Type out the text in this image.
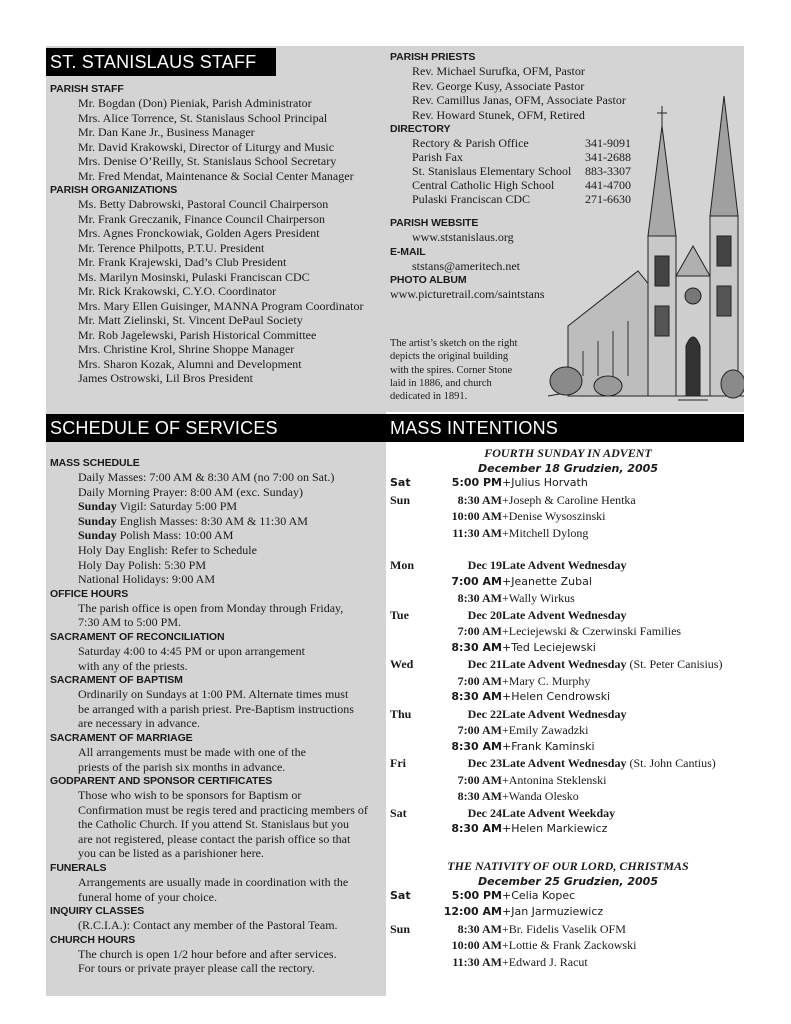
ST. STANISLAUS STAFF
SCHEDULE OF SERVICES	MASS INTENTIONS
PARISH STAFF
Mr. Bogdan (Don) Pieniak, Parish Administrator
Mrs. Alice Torrence, St. Stanislaus School Principal
Mr. Dan Kane Jr., Business Manager
Mr. David Krakowski, Director of Liturgy and Music
Mrs. Denise O’Reilly, St. Stanislaus School Secretary
Mr. Fred Mendat, Maintenance & Social Center Manager
PARISH ORGANIZATIONS
Ms. Betty Dabrowski, Pastoral Council Chairperson
Mr. Frank Greczanik, Finance Council Chairperson
Mrs. Agnes Fronckowiak, Golden Agers President
Mr. Terence Philpotts, P.T.U. President
Mr. Frank Krajewski, Dad’s Club President
Ms. Marilyn Mosinski, Pulaski Franciscan CDC
Mr. Rick Krakowski, C.Y.O. Coordinator
Mrs. Mary Ellen Guisinger, MANNA Program Coordinator
Mr. Matt Zielinski, St. Vincent DePaul Society
Mr. Rob Jagelewski, Parish Historical Committee
Mrs. Christine Krol, Shrine Shoppe Manager
Mrs. Sharon Kozak, Alumni and Development
James Ostrowski, Lil Bros President
PARISH PRIESTS
Rev. Michael Surufka, OFM, Pastor
Rev. George Kusy, Associate Pastor
Rev. Camillus Janas, OFM, Associate Pastor
Rev. Howard Stunek, OFM, Retired
DIRECTORY
Rectory & Parish Office	341-9091
Parish Fax	341-2688
St. Stanislaus Elementary School	883-3307
Central Catholic High School	441-4700
Pulaski Franciscan CDC	271-6630
PARISH WEBSITE
www.ststanislaus.org
E-MAIL
ststans@ameritech.net
PHOTO ALBUM
www.picturetrail.com/saintstans
The artist’s sketch on the right
depicts the original building
with the spires. Corner Stone
laid in 1886, and church
dedicated in 1891.
MASS SCHEDULE
Daily Masses: 7:00 AM & 8:30 AM (no 7:00 on Sat.)
Daily Morning Prayer: 8:00 AM (exc. Sunday)
Sunday Vigil: Saturday 5:00 PM
Sunday English Masses: 8:30 AM & 11:30 AM
Sunday Polish Mass: 10:00 AM
Holy Day English: Refer to Schedule
Holy Day Polish: 5:30 PM
National Holidays: 9:00 AM
OFFICE HOURS
The parish office is open from Monday through Friday,
7:30 AM to 5:00 PM.
SACRAMENT OF RECONCILIATION
Saturday 4:00 to 4:45 PM or upon arrangement
with any of the priests.
SACRAMENT OF BAPTISM
Ordinarily on Sundays at 1:00 PM. Alternate times must
be arranged with a parish priest. Pre-Baptism instructions
are necessary in advance.
SACRAMENT OF MARRIAGE
All arrangements must be made with one of the
priests of the parish six months in advance.
GODPARENT AND SPONSOR CERTIFICATES
Those who wish to be sponsors for Baptism or
Confirmation must be regis tered and practicing members of
the Catholic Church. If you attend St. Stanislaus but you
are not registered, please contact the parish office so that
you can be listed as a parishioner here.
FUNERALS
Arrangements are usually made in coordination with the
funeral home of your choice.
INQUIRY CLASSES
(R.C.I.A.): Contact any member of the Pastoral Team.
CHURCH HOURS
The church is open 1/2 hour before and after services.
For tours or private prayer please call the rectory.
FOURTH SUNDAY IN ADVENT
December 18 Grudzien, 2005
Sat	5:00 PM +Julius Horvath
Sun	8:30 AM +Joseph & Caroline Hentka
10:00 AM +Denise Wysoszinski
11:30 AM +Mitchell Dylong
Mon	Dec 19 Late Advent Wednesday
7:00 AM +Jeanette Zubal
8:30 AM +Wally Wirkus
Tue	Dec 20 Late Advent Wednesday
7:00 AM +Leciejewski & Czerwinski Families
8:30 AM +Ted Leciejewski
Wed	Dec 21 Late Advent Wednesday (St. Peter Canisius)
7:00 AM +Mary C. Murphy
8:30 AM +Helen Cendrowski
Thu	Dec 22 Late Advent Wednesday
7:00 AM +Emily Zawadzki
8:30 AM +Frank Kaminski
Fri	Dec 23 Late Advent Wednesday (St. John Cantius)
7:00 AM +Antonina Steklenski
8:30 AM +Wanda Olesko
Sat	Dec 24 Late Advent Weekday
8:30 AM +Helen Markiewicz
THE NATIVITY OF OUR LORD, CHRISTMAS
December 25 Grudzien, 2005
Sat	5:00 PM +Celia Kopec
12:00 AM +Jan Jarmuziewicz
Sun	8:30 AM +Br. Fidelis Vaselik OFM
10:00 AM +Lottie & Frank Zackowski
11:30 AM +Edward J. Racut
